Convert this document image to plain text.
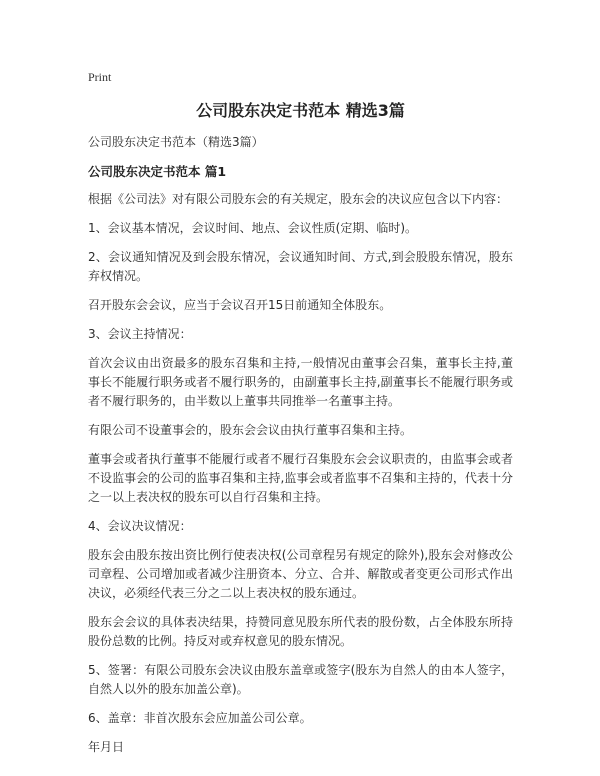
Print
公司股东决定书范本 精选3篇
公司股东决定书范本（精选3篇）
公司股东决定书范本 篇1

根据《公司法》对有限公司股东会的有关规定，股东会的决议应包含以下内容：

1、会议基本情况，会议时间、地点、会议性质(定期、临时)。

2、会议通知情况及到会股东情况，会议通知时间、方式,到会股股东情况，股东弃权情况。

召开股东会会议，应当于会议召开15日前通知全体股东。

3、会议主持情况：

首次会议由出资最多的股东召集和主持,一般情况由董事会召集，董事长主持,董事长不能履行职务或者不履行职务的，由副董事长主持,副董事长不能履行职务或者不履行职务的，由半数以上董事共同推举一名董事主持。

有限公司不设董事会的，股东会会议由执行董事召集和主持。

董事会或者执行董事不能履行或者不履行召集股东会会议职责的，由监事会或者不设监事会的公司的监事召集和主持,监事会或者监事不召集和主持的，代表十分之一以上表决权的股东可以自行召集和主持。

4、会议决议情况：

股东会由股东按出资比例行使表决权(公司章程另有规定的除外),股东会对修改公司章程、公司增加或者减少注册资本、分立、合并、解散或者变更公司形式作出决议，必须经代表三分之二以上表决权的股东通过。

股东会会议的具体表决结果，持赞同意见股东所代表的股份数，占全体股东所持股份总数的比例。持反对或弃权意见的股东情况。

5、签署：有限公司股东会决议由股东盖章或签字(股东为自然人的由本人签字，自然人以外的股东加盖公章)。

6、盖章：非首次股东会应加盖公司公章。

年月日
